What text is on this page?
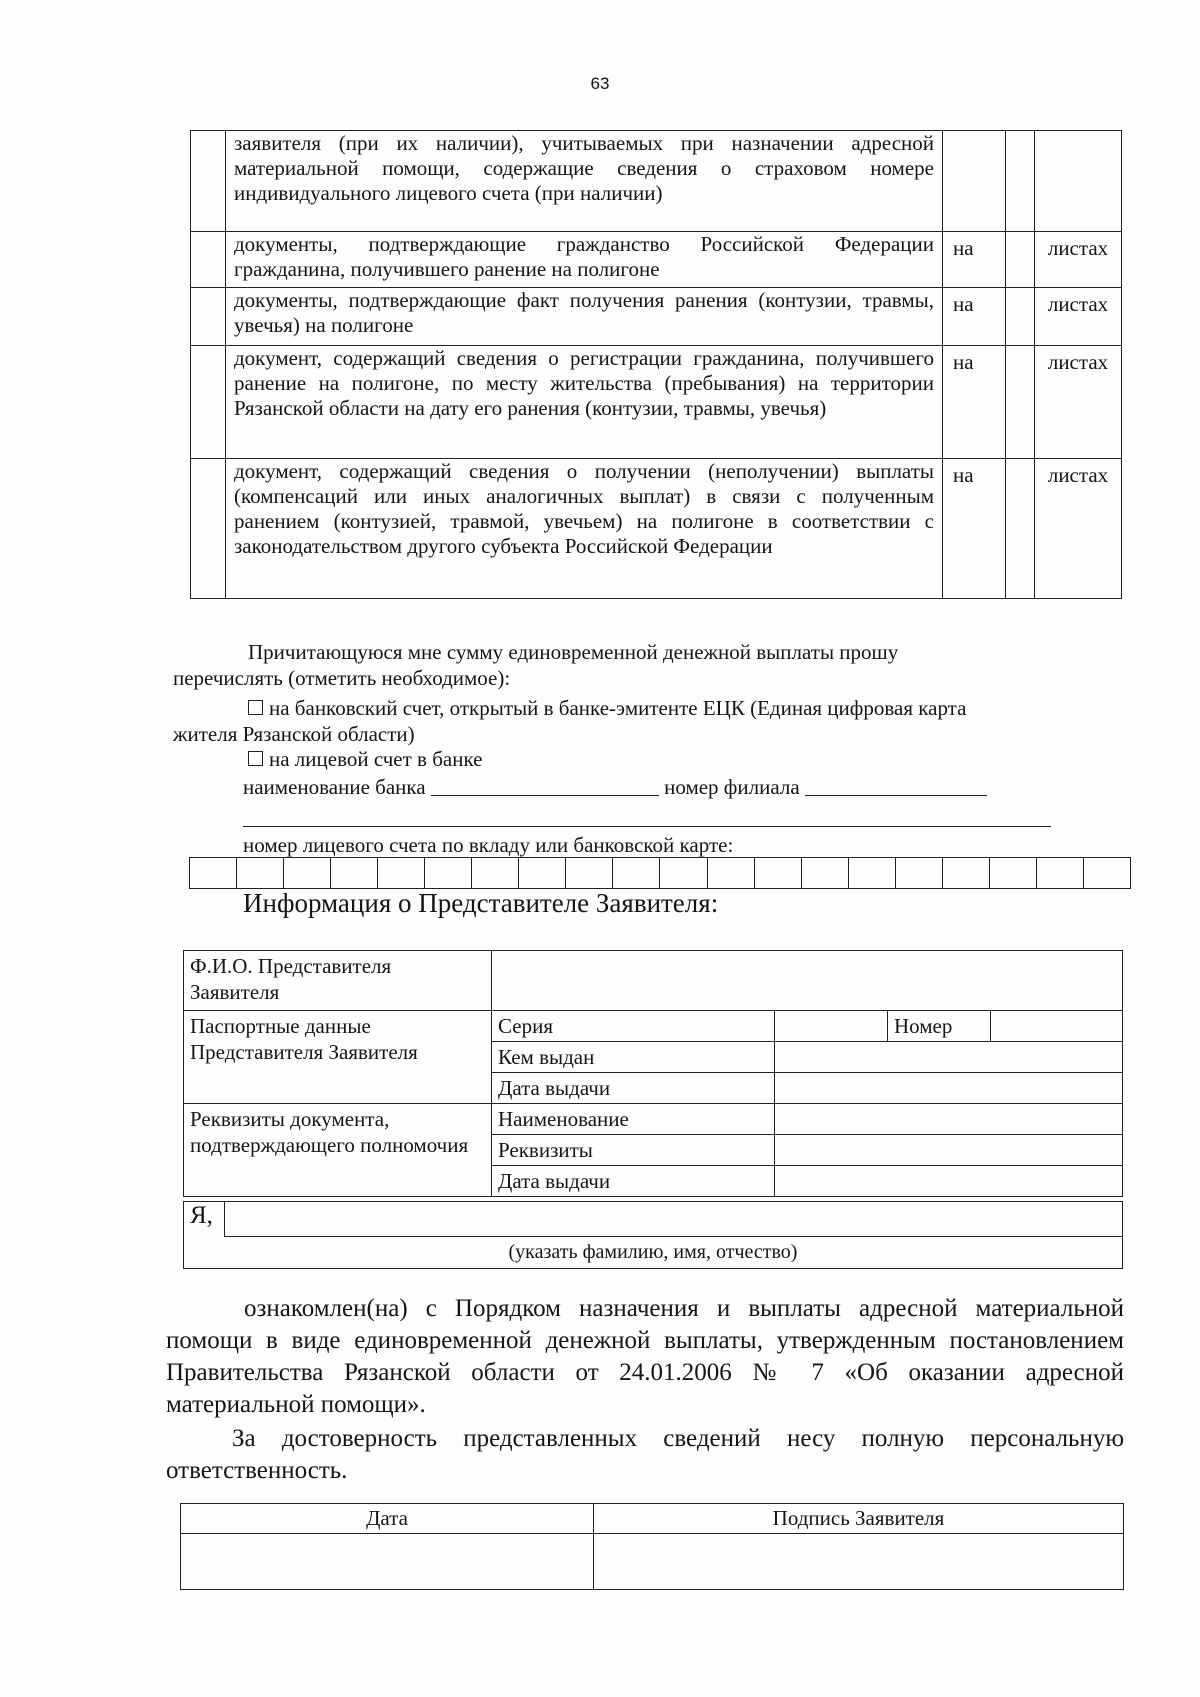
63
	заявителя (при их наличии), учитываемых при назначении адресной материальной помощи, содержащие сведения о страховом номере индивидуального лицевого счета (при наличии)			
	документы, подтверждающие гражданство Российской Федерации гражданина, получившего ранение на полигоне	на		листах
	документы, подтверждающие факт получения ранения (контузии, травмы, увечья) на полигоне	на		листах
	документ, содержащий сведения о регистрации гражданина, получившего ранение на полигоне, по месту жительства (пребывания) на территории Рязанской области на дату его ранения (контузии, травмы, увечья)	на		листах
	документ, содержащий сведения о получении (неполучении) выплаты (компенсаций или иных аналогичных выплат) в связи с полученным ранением (контузией, травмой, увечьем) на полигоне в соответствии с законодательством другого субъекта Российской Федерации	на		листах

Причитающуюся мне сумму единовременной денежной выплаты прошу

перечислять (отметить необходимое):

на банковский счет, открытый в банке-эмитенте ЕЦК (Единая цифровая карта

жителя Рязанской области)

на лицевой счет в банке

наименование банка	номер филиала

номер лицевого счета по вкладу или банковской карте:

Информация о Представителе Заявителя:
Ф.И.О. Представителя Заявителя				
Паспортные данные Представителя Заявителя	Серия		Номер	
	Кем выдан			
	Дата выдачи			
Реквизиты документа, подтверждающего полномочия	Наименование			
	Реквизиты			
	Дата выдачи			
Я,
(указать фамилию, имя, отчество)

ознакомлен(на) с Порядком назначения и выплаты адресной материальной помощи в виде единовременной денежной выплаты, утвержденным постановлением Правительства Рязанской области от 24.01.2006 № 7 «Об оказании адресной материальной помощи».

За достоверность представленных сведений несу полную персональную ответственность.

Дата	Подпись Заявителя
